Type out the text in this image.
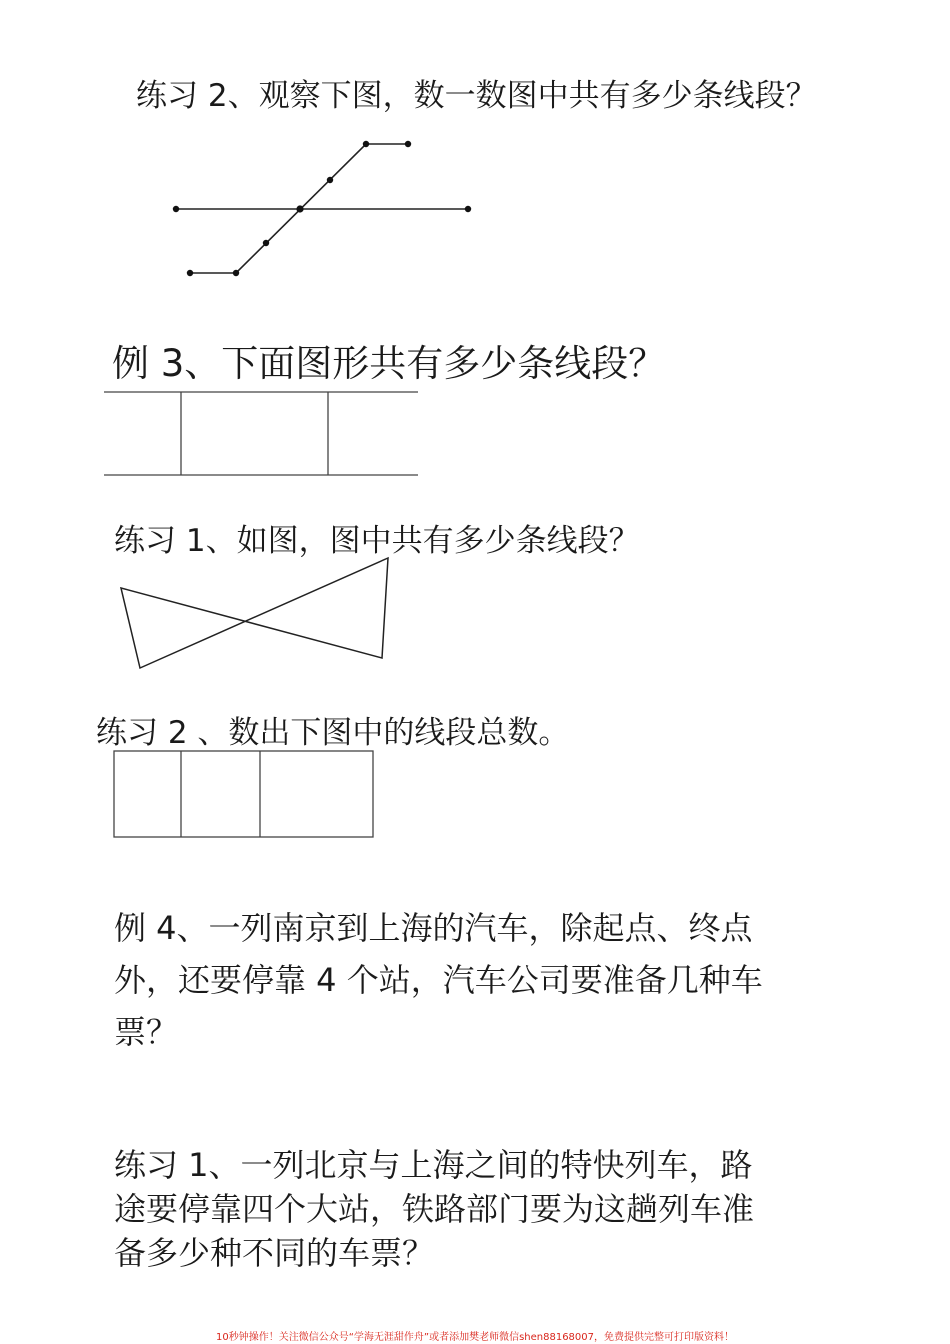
练习 2、观察下图，数一数图中共有多少条线段？

例 3、下面图形共有多少条线段？

练习 1、如图，图中共有多少条线段？

练习 2 、数出下图中的线段总数。

例 4、一列南京到上海的汽车，除起点、终点
外，还要停靠 4 个站，汽车公司要准备几种车
票？
练习 1、一列北京与上海之间的特快列车，路
途要停靠四个大站，铁路部门要为这趟列车准
备多少种不同的车票？
10秒钟操作！关注微信公众号“学海无涯甜作舟”或者添加樊老师微信shen88168007，免费提供完整可打印版资料！
